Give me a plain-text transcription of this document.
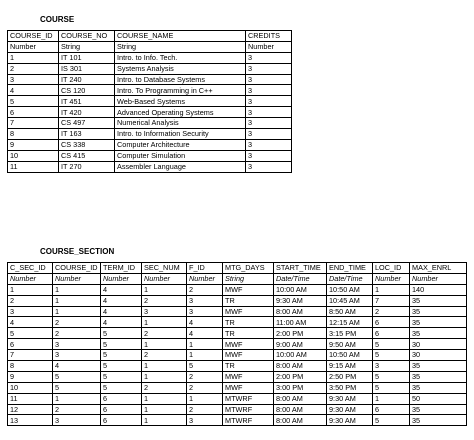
COURSE
COURSE_ID	COURSE_NO	COURSE_NAME	CREDITS
Number	String	String	Number
1	IT 101	Intro. to Info. Tech.	3
2	IS 301	Systems Analysis	3
3	IT 240	Intro. to Database Systems	3
4	CS 120	Intro. To Programming in C++	3
5	IT 451	Web-Based Systems	3
6	IT 420	Advanced Operating Systems	3
7	CS 497	Numerical Analysis	3
8	IT 163	Intro. to Information Security	3
9	CS 338	Computer Architecture	3
10	CS 415	Computer Simulation	3
11	IT 270	Assembler Language	3
COURSE_SECTION
C_SEC_ID	COURSE_ID	TERM_ID	SEC_NUM	F_ID	MTG_DAYS	START_TIME	END_TIME	LOC_ID	MAX_ENRL
Number	Number	Number	Number	Number	String	Date/Time	Date/Time	Number	Number
1	1	4	1	2	MWF	10:00 AM	10:50 AM	1	140
2	1	4	2	3	TR	9:30 AM	10:45 AM	7	35
3	1	4	3	3	MWF	8:00 AM	8:50 AM	2	35
4	2	4	1	4	TR	11:00 AM	12:15 AM	6	35
5	2	5	2	4	TR	2:00 PM	3:15 PM	6	35
6	3	5	1	1	MWF	9:00 AM	9:50 AM	5	30
7	3	5	2	1	MWF	10:00 AM	10:50 AM	5	30
8	4	5	1	5	TR	8:00 AM	9:15 AM	3	35
9	5	5	1	2	MWF	2:00 PM	2:50 PM	5	35
10	5	5	2	2	MWF	3:00 PM	3:50 PM	5	35
11	1	6	1	1	MTWRF	8:00 AM	9:30 AM	1	50
12	2	6	1	2	MTWRF	8:00 AM	9:30 AM	6	35
13	3	6	1	3	MTWRF	8:00 AM	9:30 AM	5	35
